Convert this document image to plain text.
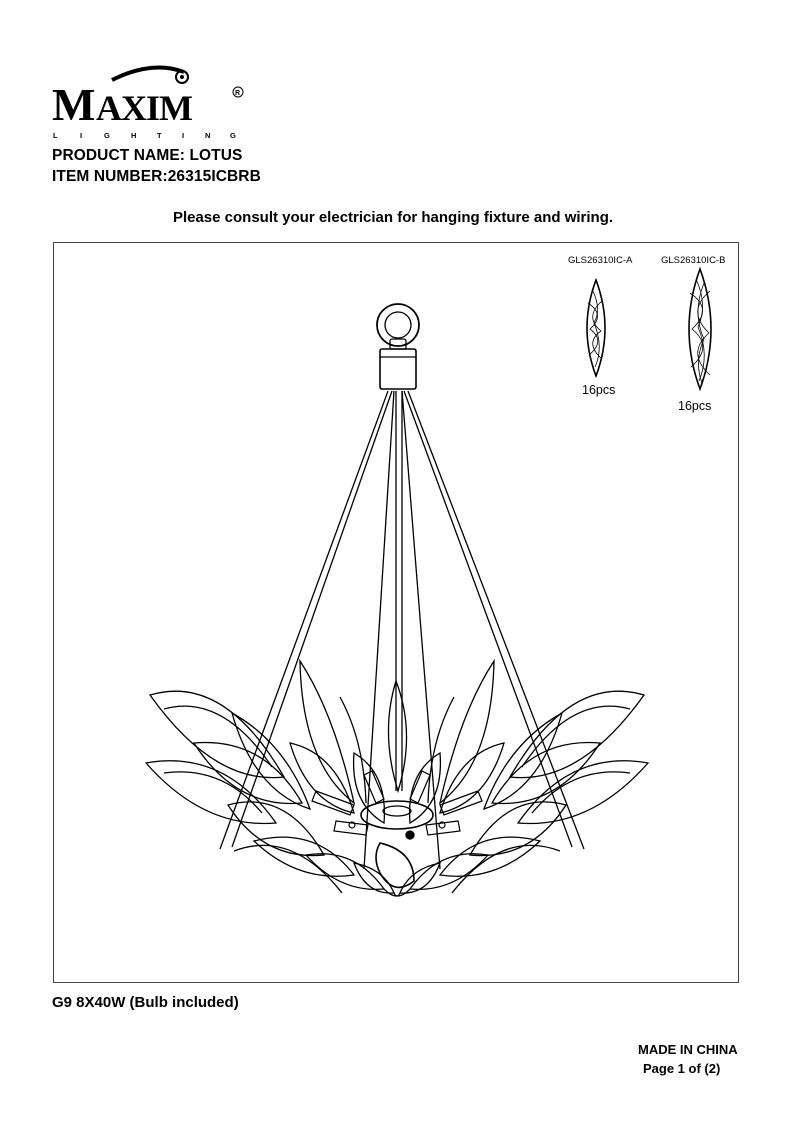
M AXIM	R
L	I	G	H	T	I	N	G
PRODUCT NAME: LOTUS
ITEM NUMBER:26315ICBRB
Please consult your electrician for hanging fixture and wiring.
GLS26310IC-A	GLS26310IC-B
16pcs
16pcs
G9 8X40W (Bulb included)
MADE IN CHINA
Page 1 of (2)
